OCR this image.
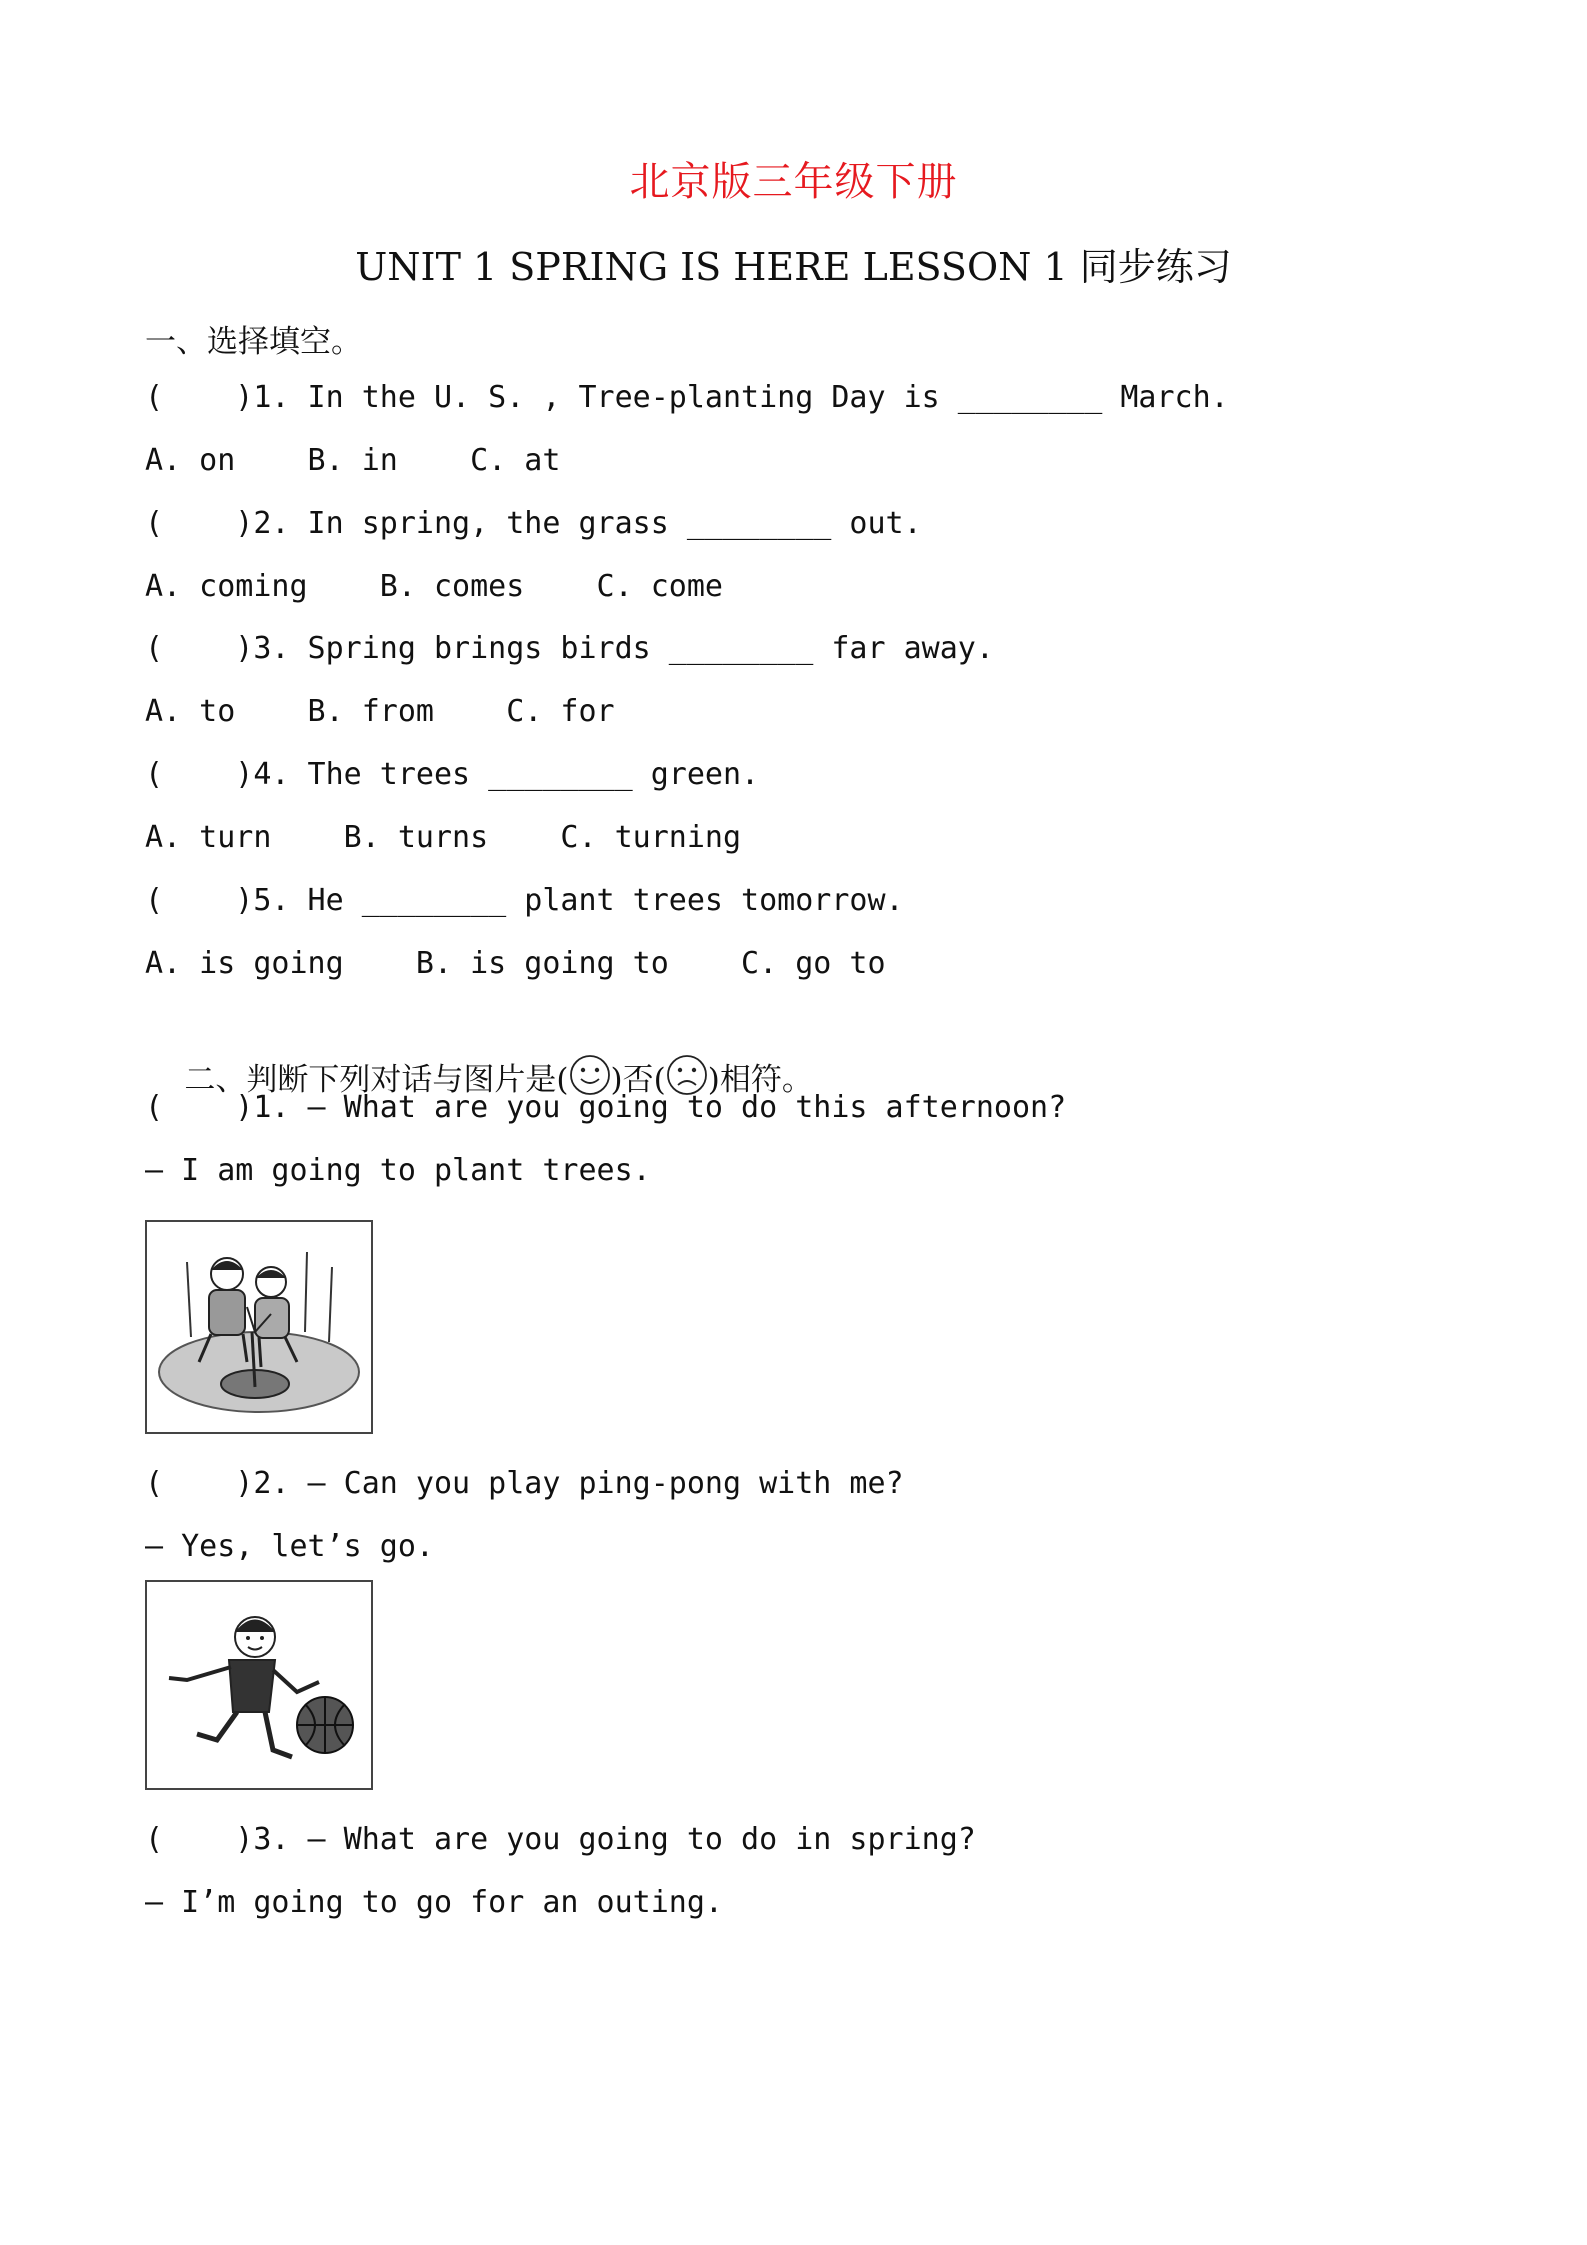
北京版三年级下册
UNIT 1 SPRING IS HERE LESSON 1 同步练习
一、选择填空。
(    )1. In the U. S. , Tree-planting Day is ________ March.
A. on    B. in    C. at
(    )2. In spring, the grass ________ out.
A. coming    B. comes    C. come
(    )3. Spring brings birds ________ far away.
A. to    B. from    C. for
(    )4. The trees ________ green.
A. turn    B. turns    C. turning
(    )5. He ________ plant trees tomorrow.
A. is going    B. is going to    C. go to

二、判断下列对话与图片是( )否( )相符。

(    )1. — What are you going to do this afternoon?
— I am going to plant trees.
(    )2. — Can you play ping-pong with me?
— Yes, let’s go.
(    )3. — What are you going to do in spring?
— I’m going to go for an outing.
